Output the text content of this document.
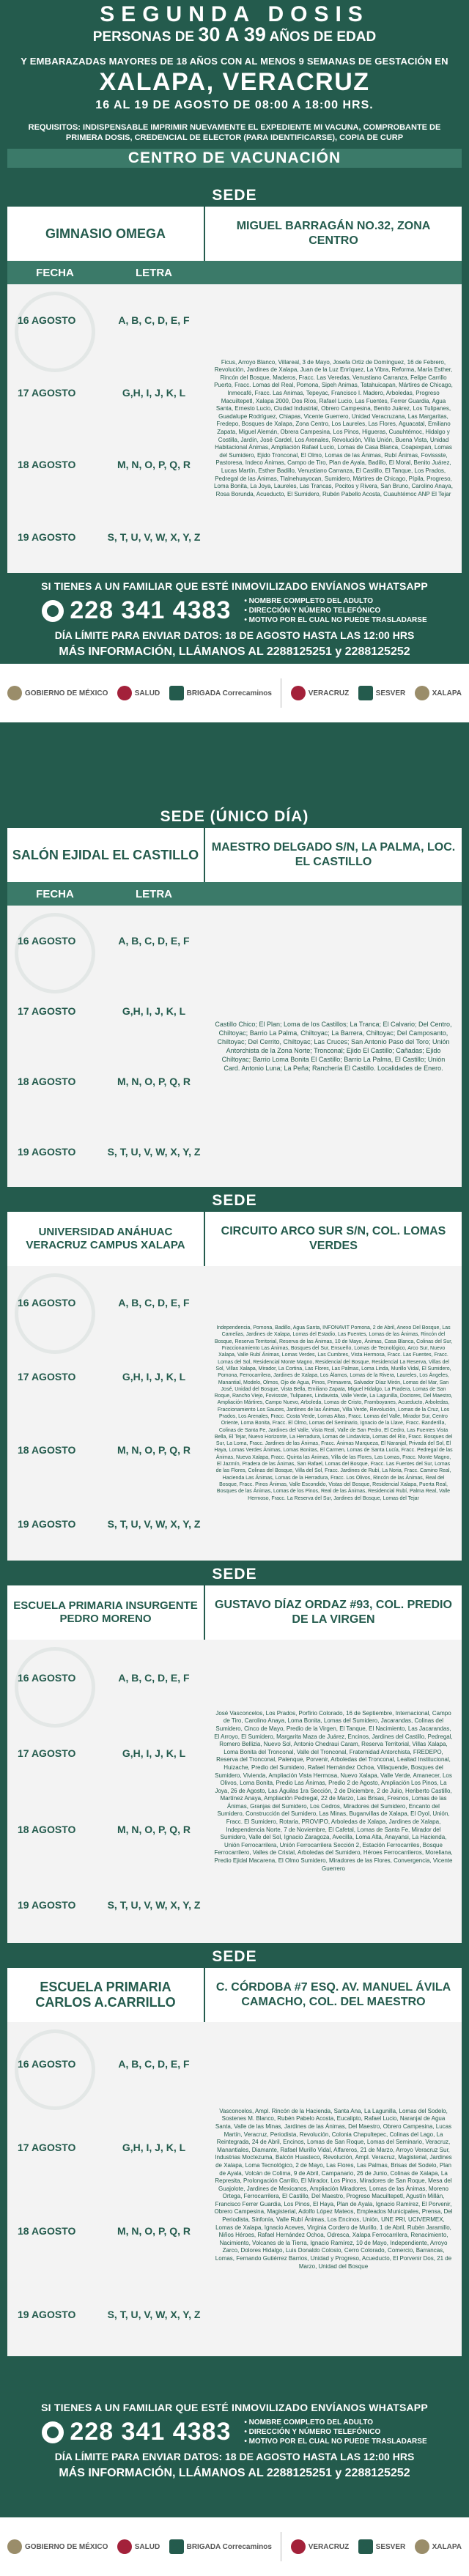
SEGUNDA DOSIS
PERSONAS DE 30 A 39 AÑOS DE EDAD
Y EMBARAZADAS MAYORES DE 18 AÑOS CON AL MENOS 9 SEMANAS DE GESTACIÓN EN
XALAPA, VERACRUZ
16 AL 19 DE AGOSTO DE 08:00 A 18:00 HRS.
REQUISITOS: INDISPENSABLE IMPRIMIR NUEVAMENTE EL EXPEDIENTE MI VACUNA, COMPROBANTE DE PRIMERA DOSIS, CREDENCIAL DE ELECTOR (PARA IDENTIFICARSE), COPIA DE CURP
CENTRO DE VACUNACIÓN
SEDE
GIMNASIO OMEGA	MIGUEL BARRAGÁN NO.32, ZONA CENTRO
FECHA	LETRA
16 AGOSTO	A, B, C, D, E, F
17 AGOSTO	G,H, I, J, K, L
18 AGOSTO	M, N, O, P, Q, R
19 AGOSTO	S, T, U, V, W, X, Y, Z
Ficus, Arroyo Blanco, Villareal, 3 de Mayo, Josefa Ortiz de Domínguez, 16 de Febrero, Revolución, Jardines de Xalapa, Juan de la Luz Enríquez, La Vibra, Reforma, María Esther, Rincón del Bosque, Maderos, Fracc. Las Veredas, Venustiano Carranza, Felipe Carrillo Puerto, Fracc. Lomas del Real, Pomona, Sipeh Animas, Tatahuicapan, Mártires de Chicago, Inmecafé, Fracc. Las Animas, Tepeyac, Francisco I. Madero, Arboledas, Progreso Macuiltepetl, Xalapa 2000, Dos Ríos, Rafael Lucio, Las Fuentes, Ferrer Guardia, Agua Santa, Ernesto Lucio, Ciudad Industrial, Obrero Campesina, Benito Juárez, Los Tulipanes, Guadalupe Rodríguez, Chiapas, Vicente Guerrero, Unidad Veracruzana, Las Margaritas, Fredepo, Bosques de Xalapa, Zona Centro, Los Laureles, Las Flores, Aguacatal, Emiliano Zapata, Miguel Alemán, Obrera Campesina, Los Pinos, Higueras, Cuauhtémoc, Hidalgo y Costilla, Jardín, José Cardel, Los Arenales, Revolución, Villa Unión, Buena Vista, Unidad Habitacional Ánimas, Ampliación Rafael Lucio, Lomas de Casa Blanca, Coapexpan, Lomas del Sumidero, Ejido Tronconal, El Olmo, Lomas de las Ánimas, Rubí Ánimas, Fovissste, Pastoresa, Indeco Ánimas, Campo de Tiro, Plan de Ayala, Badillo, El Moral, Benito Juárez, Lucas Martín, Esther Badillo, Venustiano Carranza, El Castillo, El Tanque, Los Prados, Pedregal de las Ánimas, Tlalnehuayocan, Sumidero, Mártires de Chicago, Pípila, Progreso, Loma Bonita, La Joya, Laureles, Las Trancas, Pocitos y Rivera, San Bruno, Carolino Anaya, Rosa Borunda, Acueducto, El Sumidero, Rubén Pabello Acosta, Cuauhtémoc ANP El Tejar
SI TIENES A UN FAMILIAR QUE ESTÉ INMOVILIZADO ENVÍANOS WHATSAPP
228 341 4383 • NOMBRE COMPLETO DEL ADULTO
• DIRECCIÓN Y NÚMERO TELEFÓNICO
• MOTIVO POR EL CUAL NO PUEDE TRASLADARSE
DÍA LÍMITE PARA ENVIAR DATOS: 18 DE AGOSTO HASTA LAS 12:00 HRS
MÁS INFORMACIÓN, LLÁMANOS AL 2288125251 y 2288125252
GOBIERNO DE MÉXICO	SALUD	BRIGADA Correcaminos	VERACRUZ	SESVER	XALAPA
SEDE (ÚNICO DÍA)
SALÓN EJIDAL EL CASTILLO	MAESTRO DELGADO S/N, LA PALMA, LOC. EL CASTILLO
FECHA	LETRA
16 AGOSTO	A, B, C, D, E, F
17 AGOSTO	G,H, I, J, K, L
18 AGOSTO	M, N, O, P, Q, R
19 AGOSTO	S, T, U, V, W, X, Y, Z
Castillo Chico; El Plan; Loma de los Castillos; La Tranca; El Calvario; Del Centro, Chiltoyac; Barrio La Palma, Chiltoyac; La Barrera, Chiltoyac; Del Camposanto, Chiltoyac; Del Cerrito, Chiltoyac; Las Cruces; San Antonio Paso del Toro; Unión Antorchista de la Zona Norte; Tronconal; Ejido El Castillo; Cañadas; Ejido Chiltoyac; Barrio Loma Bonita El Castillo; Barrio La Palma, El Castillo; Unión Card. Antonio Luna; La Peña; Ranchería El Castillo. Localidades de Enero.
SEDE
UNIVERSIDAD ANÁHUAC VERACRUZ CAMPUS XALAPA
CIRCUITO ARCO SUR S/N, COL. LOMAS VERDES
16 AGOSTO	A, B, C, D, E, F
17 AGOSTO	G,H, I, J, K, L
18 AGOSTO	M, N, O, P, Q, R
19 AGOSTO	S, T, U, V, W, X, Y, Z
Independencia, Pomona, Badillo, Agua Santa, INFONAVIT Pomona, 2 de Abril, Anexo Del Bosque, Las Camelias, Jardines de Xalapa, Lomas del Estadio, Las Fuentes, Lomas de las Ánimas, Rincón del Bosque, Reserva Territorial, Reserva de las Ánimas, 10 de Mayo, Ánimas, Casa Blanca, Colinas del Sur, Fraccionamiento Las Ánimas, Bosques del Sur, Ensueño, Lomas de Tecnológico, Arco Sur, Nuevo Xalapa, Valle Rubí Ánimas, Lomas Verdes, Las Cumbres, Vista Hermosa, Fracc. Las Fuentes, Fracc. Lomas del Sol, Residencial Monte Magno, Residencial del Bosque, Residencial La Reserva, Villas del Sol, Villas Xalapa, Mirador, La Cortina, Las Flores, Las Palmas, Loma Linda, Murillo Vidal, El Sumidero, Pomona, Ferrocarrilera, Jardines de Xalapa, Los Álamos, Lomas de la Rivera, Laureles, Los Ángeles, Manantial, Modelo, Olmos, Ojo de Agua, Pinos, Primavera, Salvador Díaz Mirón, Lomas del Mar, San José, Unidad del Bosque, Vista Bella, Emiliano Zapata, Miguel Hidalgo, La Pradera, Lomas de San Roque, Rancho Viejo, Fovissste, Tulipanes, Lindavista, Valle Verde, La Lagunilla, Doctores, Del Maestro, Ampliación Mártires, Campo Nuevo, Arboleda, Lomas de Cristo, Framboyanes, Acueducto, Arboledas, Fraccionamiento Los Sauces, Jardines de las Ánimas, Villa Verde, Revolución, Lomas de la Cruz, Los Prados, Los Arenales, Fracc. Costa Verde, Lomas Altas, Fracc. Lomas del Valle, Mirador Sur, Centro Oriente, Loma Bonita, Fracc. El Olmo, Lomas del Seminario, Ignacio de la Llave, Fracc. Banderilla, Colinas de Santa Fe, Jardines del Valle, Vista Real, Valle de San Pedro, El Cedro, Las Fuentes Vista Bella, El Tejar, Nuevo Horizonte, La Herradura, Lomas de Lindavista, Lomas del Río, Fracc. Bosques del Sur, La Loma, Fracc. Jardines de las Ánimas, Fracc. Ánimas Marqueza, El Naranjal, Privada del Sol, El Haya, Lomas Verdes Ánimas, Lomas Bonitas, El Carmen, Lomas de Santa Lucía, Fracc. Pedregal de las Ánimas, Nueva Xalapa, Fracc. Quinta las Ánimas, Villa de las Flores, Las Lomas, Fracc. Monte Magno, El Jazmín, Pradera de las Ánimas, San Rafael, Lomas del Bosque, Fracc. Las Fuentes del Sur, Lomas de las Flores, Colinas del Bosque, Villa del Sol, Fracc. Jardines de Rubí, La Noria, Fracc. Camino Real, Hacienda Las Ánimas, Lomas de la Herradura, Fracc. Los Olivos, Rincón de las Ánimas, Real del Bosque, Fracc. Pinos Ánimas, Valle Escondido, Vistas del Bosque, Residencial Xalapa, Puerta Real, Bosques de las Ánimas, Lomas de los Pinos, Real de las Ánimas, Residencial Rubí, Palma Real, Valle Hermoso, Fracc. La Reserva del Sur, Jardines del Bosque, Lomas del Tejar
SEDE
ESCUELA PRIMARIA INSURGENTE PEDRO MORENO
GUSTAVO DÍAZ ORDAZ #93, COL. PREDIO DE LA VIRGEN
16 AGOSTO	A, B, C, D, E, F
17 AGOSTO	G,H, I, J, K, L
18 AGOSTO	M, N, O, P, Q, R
19 AGOSTO	S, T, U, V, W, X, Y, Z
José Vasconcelos, Los Prados, Porfirio Colorado, 16 de Septiembre, Internacional, Campo de Tiro, Carolino Anaya, Loma Bonita, Lomas del Sumidero, Jacarandas, Colinas del Sumidero, Cinco de Mayo, Predio de la Virgen, El Tanque, El Nacimiento, Las Jacarandas, El Arroyo, El Sumidero, Margarita Maza de Juárez, Encinos, Jardines del Castillo, Pedregal, Romero Bellizia, Nuevo Sol, Antonio Chedraui Caram, Reserva Territorial, Villas Xalapa, Loma Bonita del Tronconal, Valle del Tronconal, Fraternidad Antorchista, FREDEPO, Reserva del Tronconal, Palenque, Porvenir, Arboledas del Tronconal, Lealtad Institucional, Huizache, Predio del Sumidero, Rafael Hernández Ochoa, Villaquende, Bosques del Sumidero, Vivienda, Ampliación Vista Hermosa, Nuevo Xalapa, Valle Verde, Amanecer, Los Olivos, Loma Bonita, Predio Las Ánimas, Predio 2 de Agosto, Ampliación Los Pinos, La Joya, 26 de Agosto, Las Águilas 1ra Sección, 2 de Diciembre, 2 de Julio, Heriberto Castillo, Martínez Anaya, Ampliación Pedregal, 22 de Marzo, Las Brisas, Fresnos, Lomas de las Ánimas, Granjas del Sumidero, Los Cedros, Miradores del Sumidero, Encanto del Sumidero, Construcción del Sumidero, Las Minas, Buganvillas de Xalapa, El Oyol, Unión, Fracc. El Sumidero, Rotaria, PROVIPO, Arboledas de Xalapa, Jardines de Xalapa, Independencia Norte, 7 de Noviembre, El Cafetal, Lomas de Santa Fe, Mirador del Sumidero, Valle del Sol, Ignacio Zaragoza, Avecilla, Loma Alta, Anayansi, La Hacienda, Unión Ferrocarrilera, Unión Ferrocarrilera Sección 2, Estación Ferrocarriles, Bosque Ferrocarrilero, Valles de Cristal, Arboledas del Sumidero, Héroes Ferrocarrileros, Moreliana, Predio Ejidal Macarena, El Olmo Sumidero, Miradores de las Flores, Convergencia, Vicente Guerrero
SEDE
ESCUELA PRIMARIA CARLOS A.CARRILLO
C. CÓRDOBA #7 ESQ. AV. MANUEL ÁVILA CAMACHO, COL. DEL MAESTRO
16 AGOSTO	A, B, C, D, E, F
17 AGOSTO	G,H, I, J, K, L
18 AGOSTO	M, N, O, P, Q, R
19 AGOSTO	S, T, U, V, W, X, Y, Z
Vasconcelos, Ampl. Rincón de la Hacienda, Santa Ana, La Lagunilla, Lomas del Sodelo, Sostenes M. Blanco, Rubén Pabelo Acosta, Eucalipto, Rafael Lucio, Naranjal de Agua Santa, Valle de las Minas, Jardines de las Ánimas, Del Maestro, Obrero Campesina, Lucas Martín, Veracruz, Periodista, Revolución, Colonia Chapultepec, Colinas del Lago, La Reintegrada, 24 de Abril, Encinos, Lomas de San Roque, Lomas del Seminario, Veracruz, Manantiales, Diamante, Rafael Murillo Vidal, Alfareros, 21 de Marzo, Arroyo Veracruz Sur, Industrias Moctezuma, Balcón Huasteco, Revolución, Ampl. Veracruz, Magisterial, Jardines de Xalapa, Loma Tecnológico, 2 de Mayo, Las Flores, Las Palmas, Brisas del Sodelo, Plan de Ayala, Volcán de Colima, 9 de Abril, Campanario, 26 de Junio, Colinas de Xalapa, La Represita, Prolongación Carrillo, El Mirador, Los Pinos, Miradores de San Roque, Mesa del Guajolote, Jardines de Mexicanos, Ampliación Miradores, Lomas de las Ánimas, Moreno Ortega, Ferrocarrilera, El Castillo, Del Maestro, Progreso Macuiltepetl, Agustín Millán, Francisco Ferrer Guardia, Los Pinos, El Haya, Plan de Ayala, Ignacio Ramírez, El Porvenir, Obrero Campesina, Magisterial, Adolfo López Mateos, Empleados Municipales, Prensa, Del Periodista, Sinfonía, Valle Rubí Ánimas, Los Encinos, Unión, UNE PRI, UCIVERMEX, Lomas de Xalapa, Ignacio Aceves, Virginia Cordero de Murillo, 1 de Abril, Rubén Jaramillo, Niños Héroes, Rafael Hernández Ochoa, Odresca, Xalapa Ferrocarrilera, Renacimiento, Nacimiento, Volcanes de la Tierra, Ignacio Ramírez, 10 de Mayo, Independiente, Arroyo Zarco, Dolores Hidalgo, Luis Donaldo Colosio, Cerro Colorado, Comercio, Barrancas, Lomas, Fernando Gutiérrez Barrios, Unidad y Progreso, Acueducto, El Porvenir Dos, 21 de Marzo, Unidad del Bosque
SI TIENES A UN FAMILIAR QUE ESTÉ INMOVILIZADO ENVÍANOS WHATSAPP
228 341 4383 • NOMBRE COMPLETO DEL ADULTO
• DIRECCIÓN Y NÚMERO TELEFÓNICO
• MOTIVO POR EL CUAL NO PUEDE TRASLADARSE
DÍA LÍMITE PARA ENVIAR DATOS: 18 DE AGOSTO HASTA LAS 12:00 HRS
MÁS INFORMACIÓN, LLÁMANOS AL 2288125251 y 2288125252
GOBIERNO DE MÉXICO	SALUD	BRIGADA Correcaminos	VERACRUZ	SESVER	XALAPA
